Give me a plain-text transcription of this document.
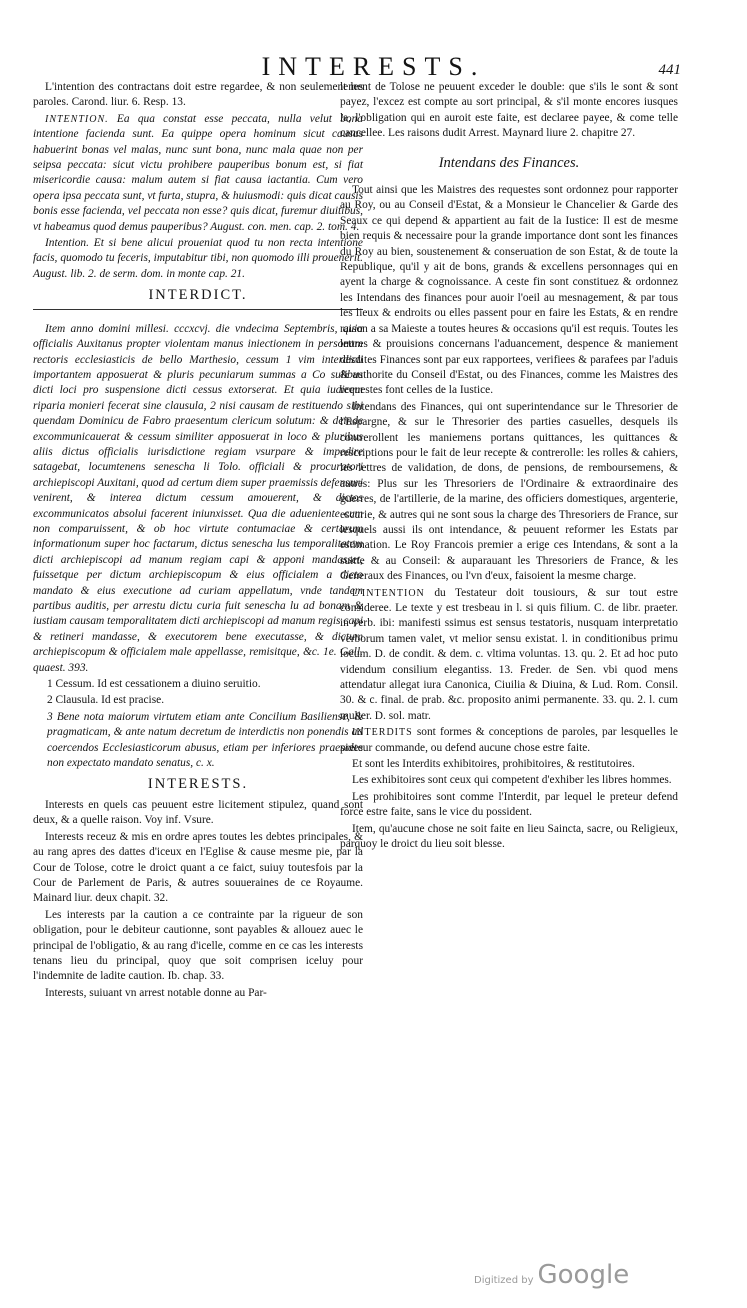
INTERESTS.	441

L'intention des contractans doit estre regardee, & non seulement les paroles. Carond. liur. 6. Resp. 13.

INTENTION. Ea qua constat esse peccata, nulla velut bona intentione facienda sunt. Ea quippe opera hominum sicut causas habuerint bonas vel malas, nunc sunt bona, nunc mala quae non per seipsa peccata: sicut victu prohibere pauperibus bonum est, si fiat misericordie causa: malum autem si fiat causa iactantia. Cum vero opera ipsa peccata sunt, vt furta, stupra, & huiusmodi: quis dicat causis bonis esse facienda, vel peccata non esse? quis dicat, furemur diuitibus, vt habeamus quod demus pauperibus? August. con. men. cap. 2. tom. 4.

Intention. Et si bene alicui proueniat quod tu non recta intentione facis, quomodo tu feceris, imputabitur tibi, non quomodo illi prouenerit. August. lib. 2. de serm. dom. in monte cap. 21.

INTERDICT.

Item anno domini millesi. cccxcvj. die vndecima Septembris, quia officialis Auxitanus propter violentam manus iniectionem in personam rectoris ecclesiasticis de bello Marthesio, cessum 1 vim interdicti importantem apposuerat & pluris pecuniarum summas a Co sulibus dicti loci pro suspensione dicti cessus extorserat. Et quia iudicem riparia monieri fecerat sine clausula, 2 nisi causam de restituendo sibi quendam Dominicu de Fabro praesentum clericum solutum: & deinde excommunicauerat & cessum similiter apposuerat in loco & pluribus aliis dictus officialis iurisdictione regiam vsurpare & impedire satagebat, locumtenens senescha li Tolo. officiali & procuratori archiepiscopi Auxitani, quod ad certum diem super praemissis defensuri venirent, & interea dictum cessum amouerent, & dictos excommunicatos absolui facerent iniunxisset. Qua die adueniente cum non comparuissent, & ob hoc virtute contumaciae & certarum informationum super hoc factarum, dictus senescha lus temporalitatem dicti archiepiscopi ad manum regiam capi & apponi mandasset, fuissetque per dictum archiepiscopum & eius officialem a dicto mandato & eius executione ad curiam appellatum, vnde tandem partibus auditis, per arrestu dictu curia fuit senescha lu ad bonam & iustiam causam temporalitatem dicti archiepiscopi ad manum regis capi & retineri mandasse, & executorem bene executasse, & dictum archiepiscopum & officialem male appellasse, remisitque, &c. 1e. Gall. quaest. 393.

1 Cessum. Id est cessationem a diuino seruitio.

2 Clausula. Id est pracise.

3 Bene nota maiorum virtutem etiam ante Concilium Basiliense, & pragmaticam, & ante natum decretum de interdictis non ponendis ad coercendos Ecclesiasticorum abusus, etiam per inferiores praesides non expectato mandato senatus, c. x.

INTERESTS.

Interests en quels cas peuuent estre licitement stipulez, quand sont deux, & a quelle raison. Voy inf. Vsure.

Interests receuz & mis en ordre apres toutes les debtes principales, & au rang apres des dattes d'iceux en l'Eglise & cause mesme pie, par la Cour de Tolose, cotre le droict quant a ce faict, suiuy toutesfois par la Cour de Parlement de Paris, & autres souueraines de ce Royaume. Mainard liur. deux chapit. 32.

Les interests par la caution a ce contrainte par la rigueur de son obligation, pour le debiteur cautionne, sont payables & allouez auec le principal de l'obligatio, & au rang d'icelle, comme en ce cas les interests tenans lieu du principal, quoy que soit comprisen iceluy pour l'indemnite de ladite caution. Ib. chap. 33.

Interests, suiuant vn arrest notable donne au Par-

lement de Tolose ne peuuent exceder le double: que s'ils le sont & sont payez, l'excez est compte au sort principal, & s'il monte encores iusques la, l'obligation qui en auroit este faite, est declaree payee, & come telle cancellee. Les raisons dudit Arrest. Maynard liure 2. chapitre 27.

Intendans des Finances.

Tout ainsi que les Maistres des requestes sont ordonnez pour rapporter au Roy, ou au Conseil d'Estat, & a Monsieur le Chancelier & Garde des Seaux ce qui depend & appartient au fait de la Iustice: Il est de mesme bien requis & necessaire pour la grande importance dont sont les finances du Roy au bien, soustenement & conseruation de son Estat, & de toute la Republique, qu'il y ait de bons, grands & excellens personnages qui en ayent la charge & cognoissance. A ceste fin sont constituez & ordonnez les Intendans des finances pour auoir l'oeil au mesnagement, & par tous les lieux & endroits ou elles passent pour en faire les Estats, & en rendre raison a sa Maieste a toutes heures & occasions qu'il est requis. Toutes les lettres & prouisions concernans l'aduancement, despence & maniement desdites Finances sont par eux rapportees, verifiees & parafees par l'aduis & authorite du Conseil d'Estat, ou des Finances, comme les Maistres des requestes font celles de la Iustice.

Intendans des Finances, qui ont superintendance sur le Thresorier de l'Espargne, & sur le Thresorier des parties casuelles, desquels ils contrerollent les maniemens portans quittances, les quittances & rescriptions pour le fait de leur recepte & contrerolle: les rolles & cahiers, les lettres de validation, de dons, de pensions, de remboursemens, & autres: Plus sur les Thresoriers de l'Ordinaire & extraordinaire des guerres, de l'artillerie, de la marine, des officiers domestiques, argenterie, escurie, & autres qui ne sont sous la charge des Thresoriers de France, sur lesquels aussi ils ont intendance, & peuuent reformer les Estats par estimation. Le Roy Francois premier a erige ces Intendans, & sont a la suitte & au Conseil: & auparauant les Thresoriers de France, & les Generaux des Finances, ou l'vn d'eux, faisoient la mesme charge.

L'INTENTION du Testateur doit tousiours, & sur tout estre consideree. Le texte y est tresbeau in l. si quis filium. C. de libr. praeter. in verb. ibi: manifesti ssimus est sensus testatoris, nusquam interpretatio verborum tamen valet, vt melior sensu existat. l. in conditionibus primu locum. D. de condit. & dem. c. vltima voluntas. 13. qu. 2. Et ad hoc puto videndum consilium elegantiss. 13. Freder. de Sen. vbi quod mens attendatur allegat iura Canonica, Ciuilia & Diuina, & Lud. Rom. Consil. 30. & c. final. de prab. &c. proposito animi permanente. 33. qu. 2. l. cum mulier. D. sol. matr.

INTERDITS sont formes & conceptions de paroles, par lesquelles le preteur commande, ou defend aucune chose estre faite.

Et sont les Interdits exhibitoires, prohibitoires, & restitutoires.

Les exhibitoires sont ceux qui competent d'exhiber les libres hommes.

Les prohibitoires sont comme l'Interdit, par lequel le preteur defend force estre faite, sans le vice du possident.

Item, qu'aucune chose ne soit faite en lieu Saincta, sacre, ou Religieux, parquoy le droict du lieu soit blesse.

Digitized by Google
